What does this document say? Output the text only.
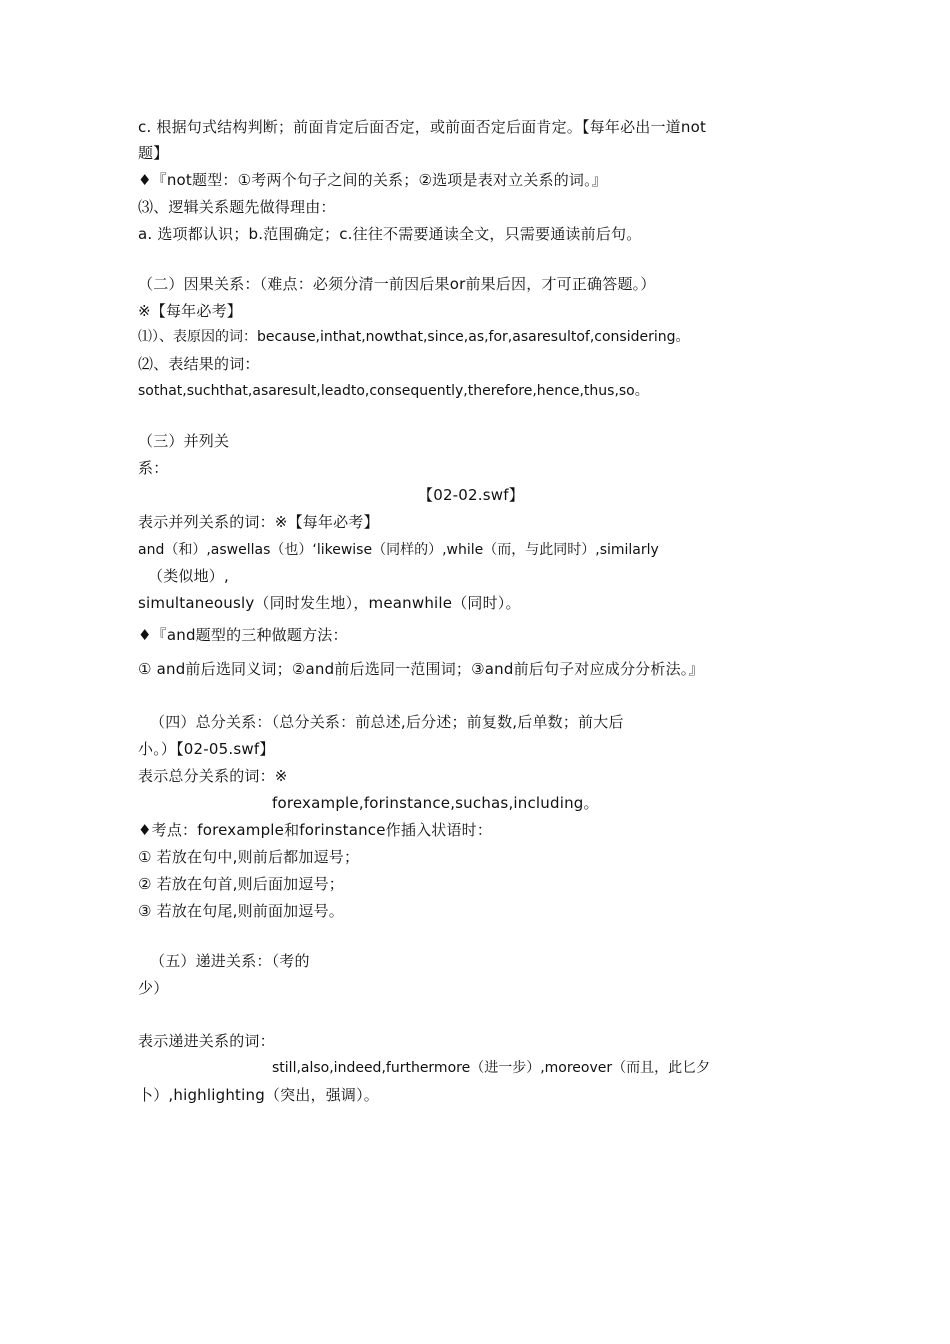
c. 根据句式结构判断；前面肯定后面否定，或前面否定后面肯定。【每年必出一道not
题】
♦『not题型：①考两个句子之间的关系；②选项是表对立关系的词。』
⑶、逻辑关系题先做得理由：
a. 选项都认识；b.范围确定；c.往往不需要通读全文，只需要通读前后句。
（二）因果关系：（难点：必须分清一前因后果or前果后因，才可正确答题。）
※【每年必考】
⑴）、表原因的词：because,inthat,nowthat,since,as,for,asaresultof,considering。
⑵、表结果的词：
sothat,suchthat,asaresult,leadto,consequently,therefore,hence,thus,so。
（三）并列关
系：
【02-02.swf】
表示并列关系的词：※【每年必考】
and（和）,aswellas（也）‘likewise（同样的）,while（而，与此同时）,similarly
（类似地）,
simultaneously（同时发生地），meanwhile（同时）。
♦『and题型的三种做题方法：
① and前后选同义词；②and前后选同一范围词；③and前后句子对应成分分析法。』
（四）总分关系：（总分关系：前总述,后分述；前复数,后单数；前大后
小。）【02-05.swf】
表示总分关系的词：※
forexample,forinstance,suchas,including。
♦考点：forexample和forinstance作插入状语时：
① 若放在句中,则前后都加逗号；
② 若放在句首,则后面加逗号；
③ 若放在句尾,则前面加逗号。
（五）递进关系：（考的
少）
表示递进关系的词：
still,also,indeed,furthermore（进一步）,moreover（而且，此匕夕
卜）,highlighting（突出，强调）。
